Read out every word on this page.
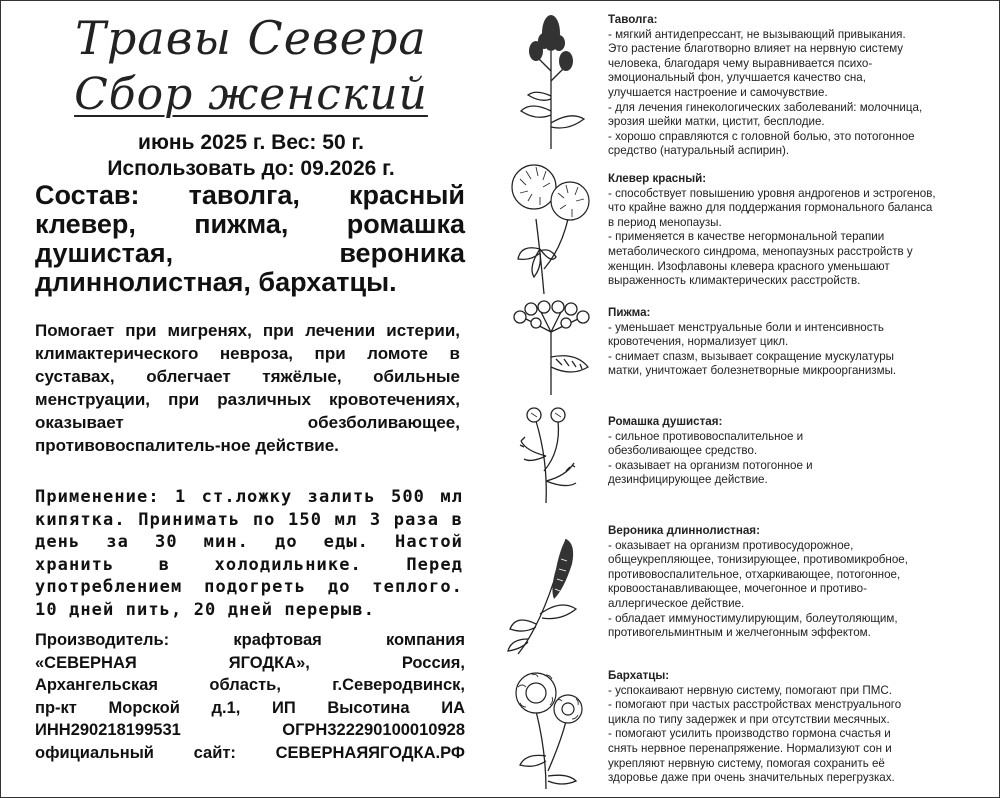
Травы Севера
Сбор женский
июнь 2025 г. Вес: 50 г.
Использовать до: 09.2026 г.
Состав: таволга, красный клевер, пижма, ромашка душистая, вероника длиннолистная, бархатцы.
Помогает при мигренях, при лечении истерии, климактерического невроза, при ломоте в суставах, облегчает тяжёлые, обильные менструации, при различных кровотечениях, оказывает обезболивающее, противовоспалитель-ное действие.
Применение: 1 ст.ложку залить 500 мл кипятка. Принимать по 150 мл 3 раза в день за 30 мин. до еды. Настой хранить в холодильнике. Перед употреблением подогреть до теплого. 10 дней пить, 20 дней перерыв.
Производитель: крафтовая компания
«СЕВЕРНАЯ ЯГОДКА», Россия,
Архангельская область, г.Северодвинск,
пр-кт Морской д.1, ИП Высотина ИА
ИНН290218199531 ОГРН322290100010928
официальный сайт: СЕВЕРНАЯЯГОДКА.РФ
Таволга:
- мягкий антидепрессант, не вызывающий привыкания.
Это растение благотворно влияет на нервную систему
человека, благодаря чему выравнивается психо-
эмоциональный фон, улучшается качество сна,
улучшается настроение и самочувствие.
- для лечения гинекологических заболеваний: молочница,
эрозия шейки матки, цистит, бесплодие.
- хорошо справляются с головной болью, это потогонное
средство (натуральный аспирин).
Клевер красный:
- способствует повышению уровня андрогенов и эстрогенов,
что крайне важно для поддержания гормонального баланса
в период менопаузы.
- применяется в качестве негормональной терапии
метаболического синдрома, менопаузных расстройств у
женщин. Изофлавоны клевера красного уменьшают
выраженность климактерических расстройств.
Пижма:
- уменьшает менструальные боли и интенсивность
кровотечения, нормализует цикл.
- снимает спазм, вызывает сокращение мускулатуры
матки, уничтожает болезнетворные микроорганизмы.
Ромашка душистая:
- сильное противовоспалительное и
обезболивающее средство.
- оказывает на организм потогонное и
дезинфицирующее действие.
Вероника длиннолистная:
- оказывает на организм противосудорожное,
общеукрепляющее, тонизирующее, противомикробное,
противовоспалительное, отхаркивающее, потогонное,
кровоостанавливающее, мочегонное и противо-
аллергическое действие.
- обладает иммуностимулирующим, болеутоляющим,
противогельминтным и желчегонным эффектом.
Бархатцы:
- успокаивают нервную систему, помогают при ПМС.
- помогают при частых расстройствах менструального
цикла по типу задержек и при отсутствии месячных.
- помогают усилить производство гормона счастья и
снять нервное перенапряжение. Нормализуют сон и
укрепляют нервную систему, помогая сохранить её
здоровье даже при очень значительных перегрузках.
